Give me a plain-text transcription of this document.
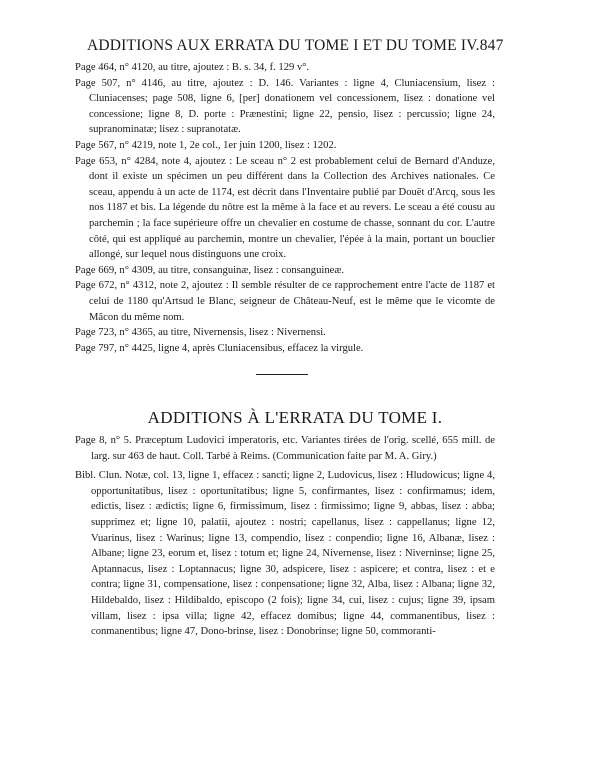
ADDITIONS AUX ERRATA DU TOME I ET DU TOME IV. 847

Page 464, n° 4120, au titre, ajoutez : B. s. 34, f. 129 v°.

Page 507, n° 4146, au titre, ajoutez : D. 146. Variantes : ligne 4, Cluniacensium, lisez : Cluniacenses; page 508, ligne 6, [per] donationem vel concessionem, lisez : donatione vel concessione; ligne 8, D. porte : Prænestini; ligne 22, pensio, lisez : percussio; ligne 24, supranominatæ; lisez : supranotatæ.

Page 567, n° 4219, note 1, 2e col., 1er juin 1200, lisez : 1202.

Page 653, n° 4284, note 4, ajoutez : Le sceau n° 2 est probablement celui de Bernard d'Anduze, dont il existe un spécimen un peu différent dans la Collection des Archives nationales. Ce sceau, appendu à un acte de 1174, est décrit dans l'Inventaire publié par Douët d'Arcq, sous les nos 1187 et bis. La légende du nôtre est la même à la face et au revers. Le sceau a été cousu au parchemin ; la face supérieure offre un chevalier en costume de chasse, sonnant du cor. L'autre côté, qui est appliqué au parchemin, montre un chevalier, l'épée à la main, portant un bouclier allongé, sur lequel nous distinguons une croix.

Page 669, n° 4309, au titre, consanguinæ, lisez : consanguineæ.

Page 672, n° 4312, note 2, ajoutez : Il semble résulter de ce rapprochement entre l'acte de 1187 et celui de 1180 qu'Artsud le Blanc, seigneur de Château-Neuf, est le même que le vicomte de Mâcon du même nom.

Page 723, n° 4365, au titre, Nivernensis, lisez : Nivernensi.

Page 797, n° 4425, ligne 4, après Cluniacensibus, effacez la virgule.

ADDITIONS À L'ERRATA DU TOME I.

Page 8, n° 5. Præceptum Ludovici imperatoris, etc. Variantes tirées de l'orig. scellé, 655 mill. de larg. sur 463 de haut. Coll. Tarbé à Reims. (Communication faite par M. A. Giry.)

Bibl. Clun. Notæ, col. 13, ligne 1, effacez : sancti; ligne 2, Ludovicus, lisez : Hludowicus; ligne 4, opportunitatibus, lisez : oportunitatibus; ligne 5, confirmantes, lisez : confirmamus; idem, edictis, lisez : ædictis; ligne 6, firmissimum, lisez : firmissimo; ligne 9, abbas, lisez : abba; supprimez et; ligne 10, palatii, ajoutez : nostri; capellanus, lisez : cappellanus; ligne 12, Vuarinus, lisez : Warinus; ligne 13, compendio, lisez : conpendio; ligne 16, Albanæ, lisez : Albane; ligne 23, eorum et, lisez : totum et; ligne 24, Nivernense, lisez : Niverninse; ligne 25, Aptannacus, lisez : Loptannacus; ligne 30, adspicere, lisez : aspicere; et contra, lisez : et e contra; ligne 31, compensatione, lisez : conpensatione; ligne 32, Alba, lisez : Albana; ligne 32, Hildebaldo, lisez : Hildibaldo, episcopo (2 fois); ligne 34, cui, lisez : cujus; ligne 39, ipsam villam, lisez : ipsa villa; ligne 42, effacez domibus; ligne 44, commanentibus, lisez : conmanentibus; ligne 47, Dono-brinse, lisez : Donobrinse; ligne 50, commoranti-
